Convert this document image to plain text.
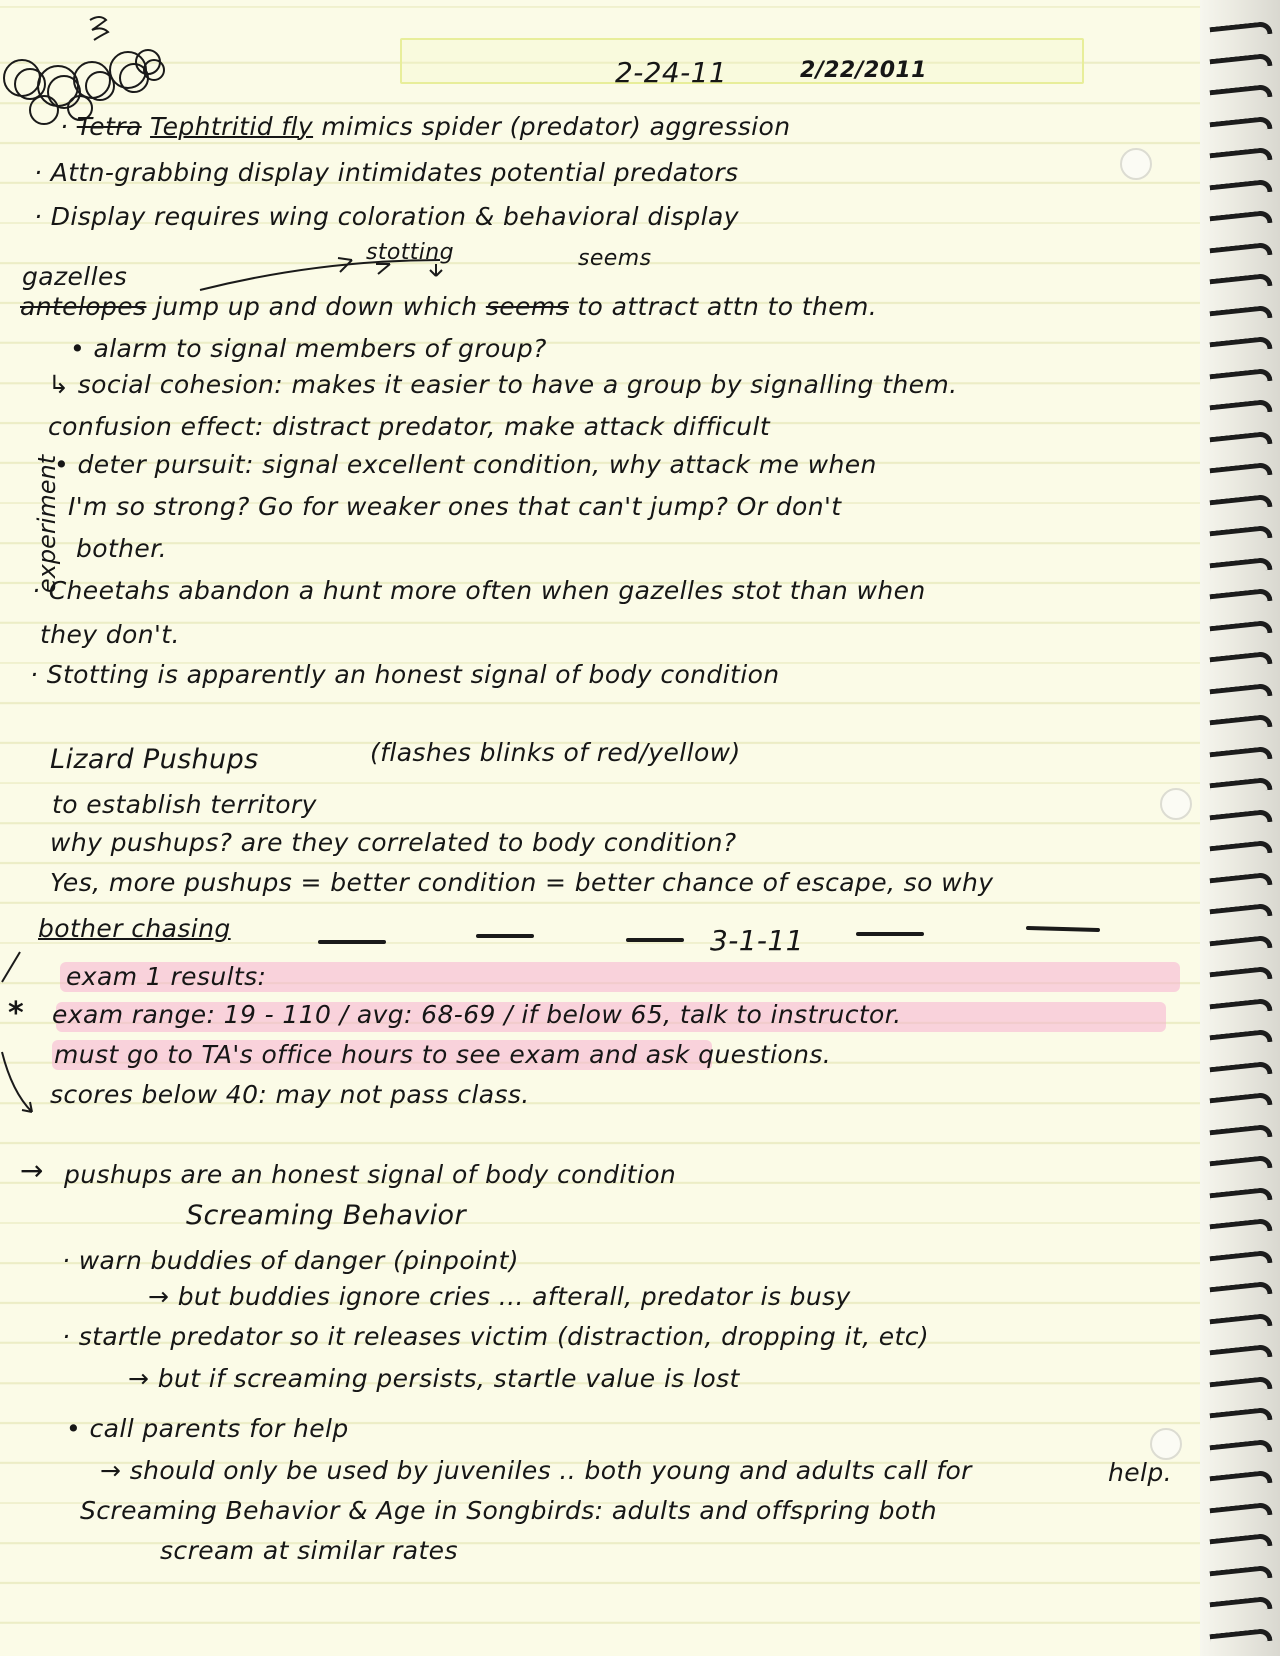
experiment
2-24-11	2/22/2011
· Tetra Tephtritid fly mimics spider (predator) aggression
· Attn-grabbing display intimidates potential predators
· Display requires wing coloration & behavioral display
stotting	seems
gazelles
antelopes jump up and down which seems to attract attn to them.
• alarm to signal members of group?
↳ social cohesion: makes it easier to have a group by signalling them.
confusion effect: distract predator, make attack difficult
• deter pursuit: signal excellent condition, why attack me when
I'm so strong? Go for weaker ones that can't jump? Or don't
bother.
· Cheetahs abandon a hunt more often when gazelles stot than when
they don't.
· Stotting is apparently an honest signal of body condition
Lizard Pushups	(flashes blinks of red/yellow)
to establish territory
why pushups? are they correlated to body condition?
Yes, more pushups = better condition = better chance of escape, so why
bother chasing	3-1-11
exam 1 results:
* exam range: 19 - 110 / avg: 68-69 / if below 65, talk to instructor.
must go to TA's office hours to see exam and ask questions.
scores below 40: may not pass class.
→ pushups are an honest signal of body condition
Screaming Behavior
· warn buddies of danger (pinpoint)
→ but buddies ignore cries ... afterall, predator is busy
· startle predator so it releases victim (distraction, dropping it, etc)
→ but if screaming persists, startle value is lost
• call parents for help
→ should only be used by juveniles .. both young and adults call for	help.
Screaming Behavior & Age in Songbirds: adults and offspring both
scream at similar rates
